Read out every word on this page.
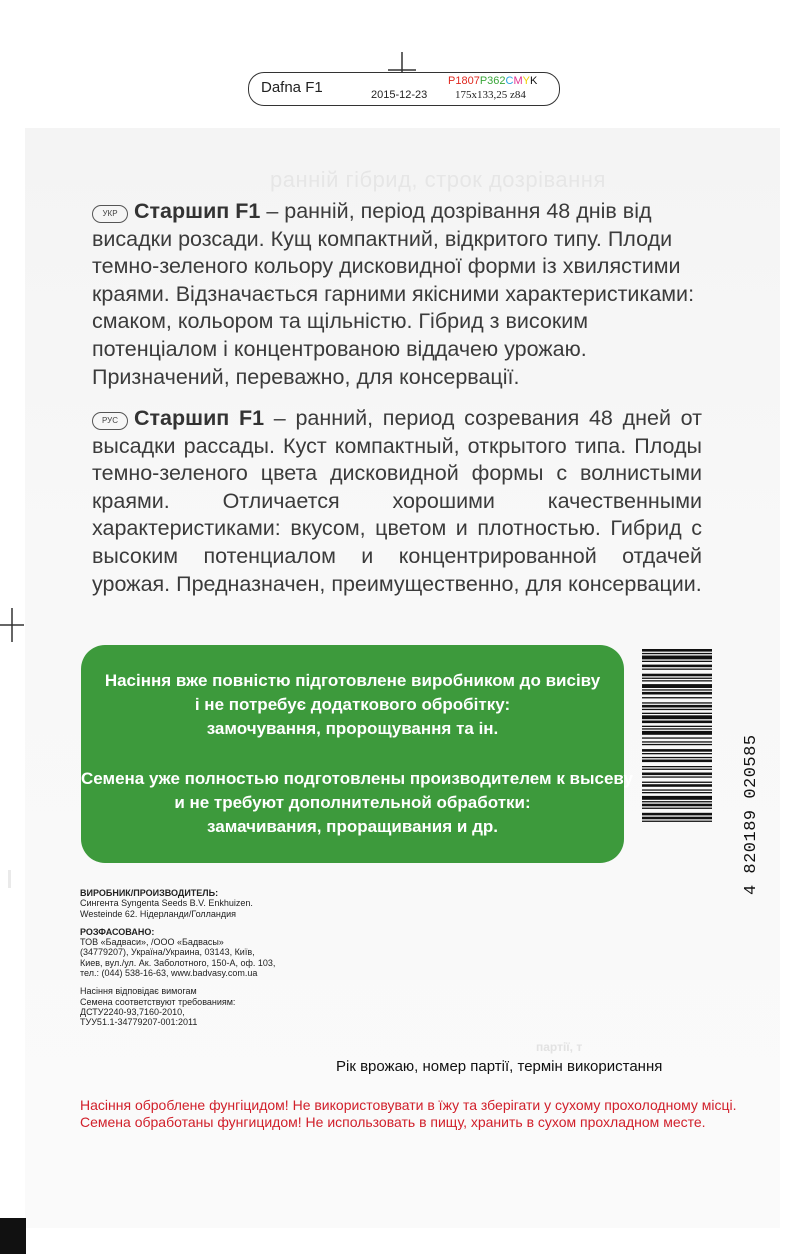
ранній гібрид, строк дозрівання
партії, т
Dafna F1	2015-12-23
P1807P362CMYK
175x133,25 z84
УКР Старшип F1 – ранній, період дозрівання 48 днів від висадки розсади. Кущ компактний, відкритого типу. Плоди темно-зеленого кольору дисковидної форми із хвилястими краями. Відзначається гарними якісними характеристиками: смаком, кольором та щільністю. Гібрид з високим потенціалом і концентрованою віддачею урожаю. Призначений, переважно, для консервації.
РУС Старшип F1 – ранний, период созревания 48 дней от высадки рассады. Куст компактный, открытого типа. Плоды темно-зеленого цвета дисковидной формы с волнистыми краями. Отличается хорошими качественными характеристиками: вкусом, цветом и плотностью. Гибрид с высоким потенциалом и концентрированной отдачей урожая. Предназначен, преимущественно, для консервации.
Насіння вже повністю підготовлене виробником до висіву
і не потребує додаткового обробітку:
замочування, пророщування та ін.
Семена уже полностью подготовлены производителем к высеву
и не требуют дополнительной обработки:
замачивания, проращивания и др.	4 820189 020585
ВИРОБНИК/ПРОИЗВОДИТЕЛЬ:
Сингента Syngenta Seeds B.V. Enkhuizen.
Westeinde 62. Нідерланди/Голландия
РОЗФАСОВАНО:
ТОВ «Бадваси», /ООО «Бадвасы»
(34779207), Україна/Украина, 03143, Київ,
Киев, вул./ул. Ак. Заболотного, 150-А, оф. 103,
тел.: (044) 538-16-63, www.badvasy.com.ua
Насіння відповідає вимогам
Семена соответствуют требованиям:
ДСТУ2240-93,7160-2010,
ТУУ51.1-34779207-001:2011
Рік врожаю, номер партії, термін використання
Насіння оброблене фунгіцидом! Не використовувати в їжу та зберігати у сухому прохолодному місці.
Семена обработаны фунгицидом! Не использовать в пищу, хранить в сухом прохладном месте.
